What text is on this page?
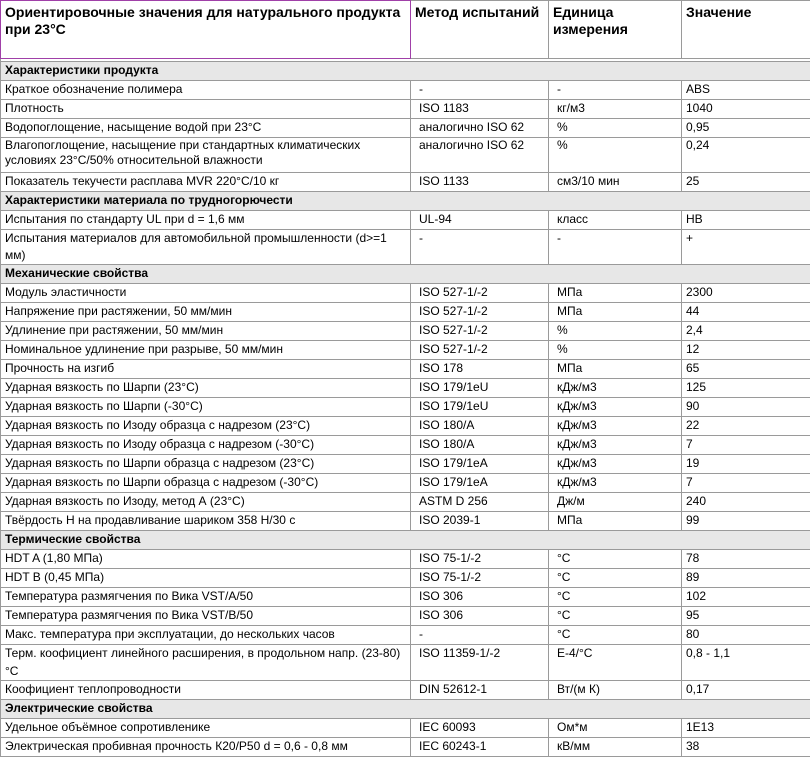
Ориентировочные значения для натурального продукта при 23°C	Метод испытаний	Единица измерения	Значение

Характеристики продукта			
Краткое обозначение полимера	-	-	ABS
Плотность	ISO 1183	кг/м3	1040
Водопоглощение, насыщение водой при 23°C	аналогично ISO 62	%	0,95
Влагопоглощение, насыщение при стандартных климатических условиях 23°C/50% относительной влажности	аналогично ISO 62	%	0,24
Показатель текучести расплава MVR 220°C/10 кг	ISO 1133	см3/10 мин	25
Характеристики материала по трудногорючести			
Испытания по стандарту UL при d = 1,6 мм	UL-94	класс	HB
Испытания материалов для автомобильной промышленности (d>=1 мм)	-	-	+
Механические свойства			
Модуль эластичности	ISO 527-1/-2	МПа	2300
Напряжение при растяжении, 50 мм/мин	ISO 527-1/-2	МПа	44
Удлинение при растяжении, 50 мм/мин	ISO 527-1/-2	%	2,4
Номинальное удлинение при разрыве, 50 мм/мин	ISO 527-1/-2	%	12
Прочность на изгиб	ISO 178	МПа	65
Ударная вязкость по Шарпи (23°C)	ISO 179/1eU	кДж/м3	125
Ударная вязкость по Шарпи (-30°C)	ISO 179/1eU	кДж/м3	90
Ударная вязкость по Изоду образца с надрезом (23°C)	ISO 180/A	кДж/м3	22
Ударная вязкость по Изоду образца с надрезом (-30°C)	ISO 180/A	кДж/м3	7
Ударная вязкость по Шарпи образца с надрезом (23°C)	ISO 179/1eA	кДж/м3	19
Ударная вязкость по Шарпи образца с надрезом (-30°C)	ISO 179/1eA	кДж/м3	7
Ударная вязкость по Изоду, метод А (23°C)	ASTM D 256	Дж/м	240
Твёрдость Н на продавливание шариком 358 Н/30 с	ISO 2039-1	МПа	99
Термические свойства			
HDT A (1,80 МПа)	ISO 75-1/-2	°C	78
HDT B (0,45 МПа)	ISO 75-1/-2	°C	89
Температура размягчения по Вика VST/A/50	ISO 306	°C	102
Температура размягчения по Вика VST/B/50	ISO 306	°C	95
Макс. температура при эксплуатации, до нескольких часов	-	°C	80
Терм. коофициент линейного расширения, в продольном напр. (23-80)°C	ISO 11359-1/-2	E-4/°C	0,8 - 1,1
Коофициент теплопроводности	DIN 52612-1	Вт/(м К)	0,17
Электрические свойства			
Удельное объёмное сопротивленике	IEC 60093	Ом*м	1E13
Электрическая пробивная прочность К20/P50 d = 0,6 - 0,8 мм	IEC 60243-1	кВ/мм	38
